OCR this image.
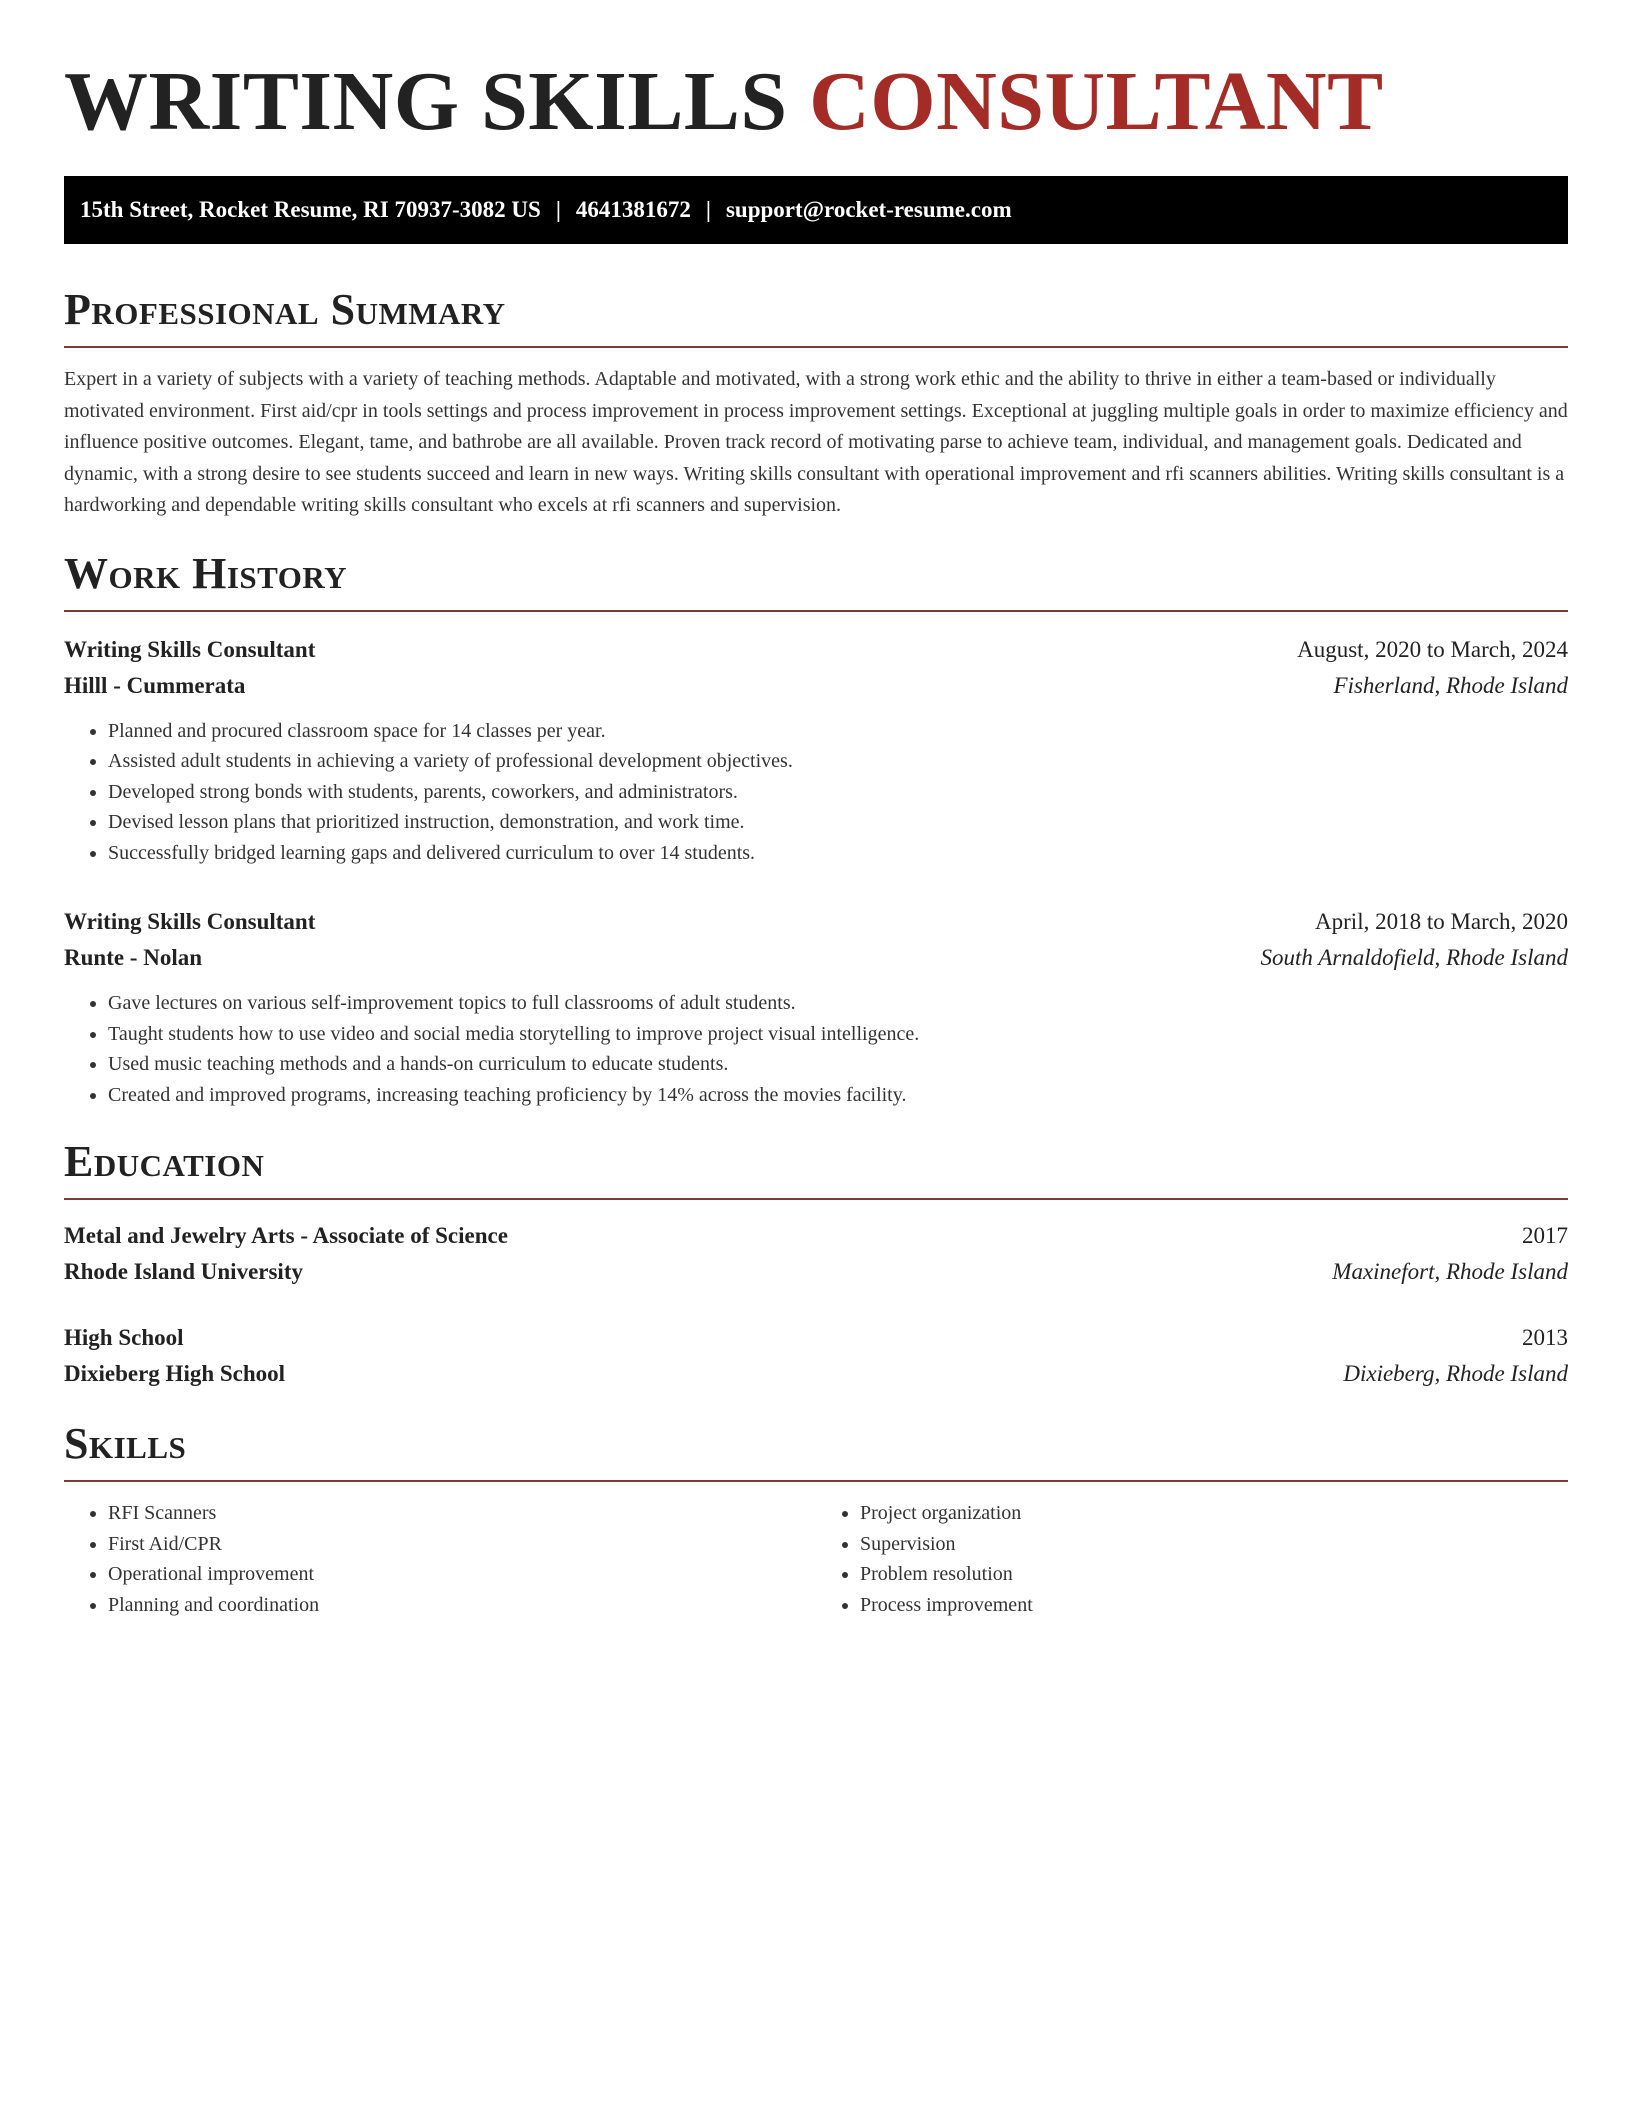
WRITING SKILLS CONSULTANT
15th Street, Rocket Resume, RI 70937-3082 US | 4641381672 | support@rocket-resume.com
Professional Summary

Expert in a variety of subjects with a variety of teaching methods. Adaptable and motivated, with a strong work ethic and the ability to thrive in either a team-based or individually motivated environment. First aid/cpr in tools settings and process improvement in process improvement settings. Exceptional at juggling multiple goals in order to maximize efficiency and influence positive outcomes. Elegant, tame, and bathrobe are all available. Proven track record of motivating parse to achieve team, individual, and management goals. Dedicated and dynamic, with a strong desire to see students succeed and learn in new ways. Writing skills consultant with operational improvement and rfi scanners abilities. Writing skills consultant is a hardworking and dependable writing skills consultant who excels at rfi scanners and supervision.

Work History
Writing Skills Consultant	August, 2020 to March, 2024
Hilll - Cummerata	Fisherland, Rhode Island
• Planned and procured classroom space for 14 classes per year.
• Assisted adult students in achieving a variety of professional development objectives.
• Developed strong bonds with students, parents, coworkers, and administrators.
• Devised lesson plans that prioritized instruction, demonstration, and work time.
• Successfully bridged learning gaps and delivered curriculum to over 14 students.
Writing Skills Consultant	April, 2018 to March, 2020
Runte - Nolan	South Arnaldofield, Rhode Island
• Gave lectures on various self-improvement topics to full classrooms of adult students.
• Taught students how to use video and social media storytelling to improve project visual intelligence.
• Used music teaching methods and a hands-on curriculum to educate students.
• Created and improved programs, increasing teaching proficiency by 14% across the movies facility.
Education
Metal and Jewelry Arts - Associate of Science	2017
Rhode Island University	Maxinefort, Rhode Island
High School	2013
Dixieberg High School	Dixieberg, Rhode Island
Skills
• RFI Scanners
• First Aid/CPR
• Operational improvement
• Planning and coordination
• Project organization
• Supervision
• Problem resolution
• Process improvement
